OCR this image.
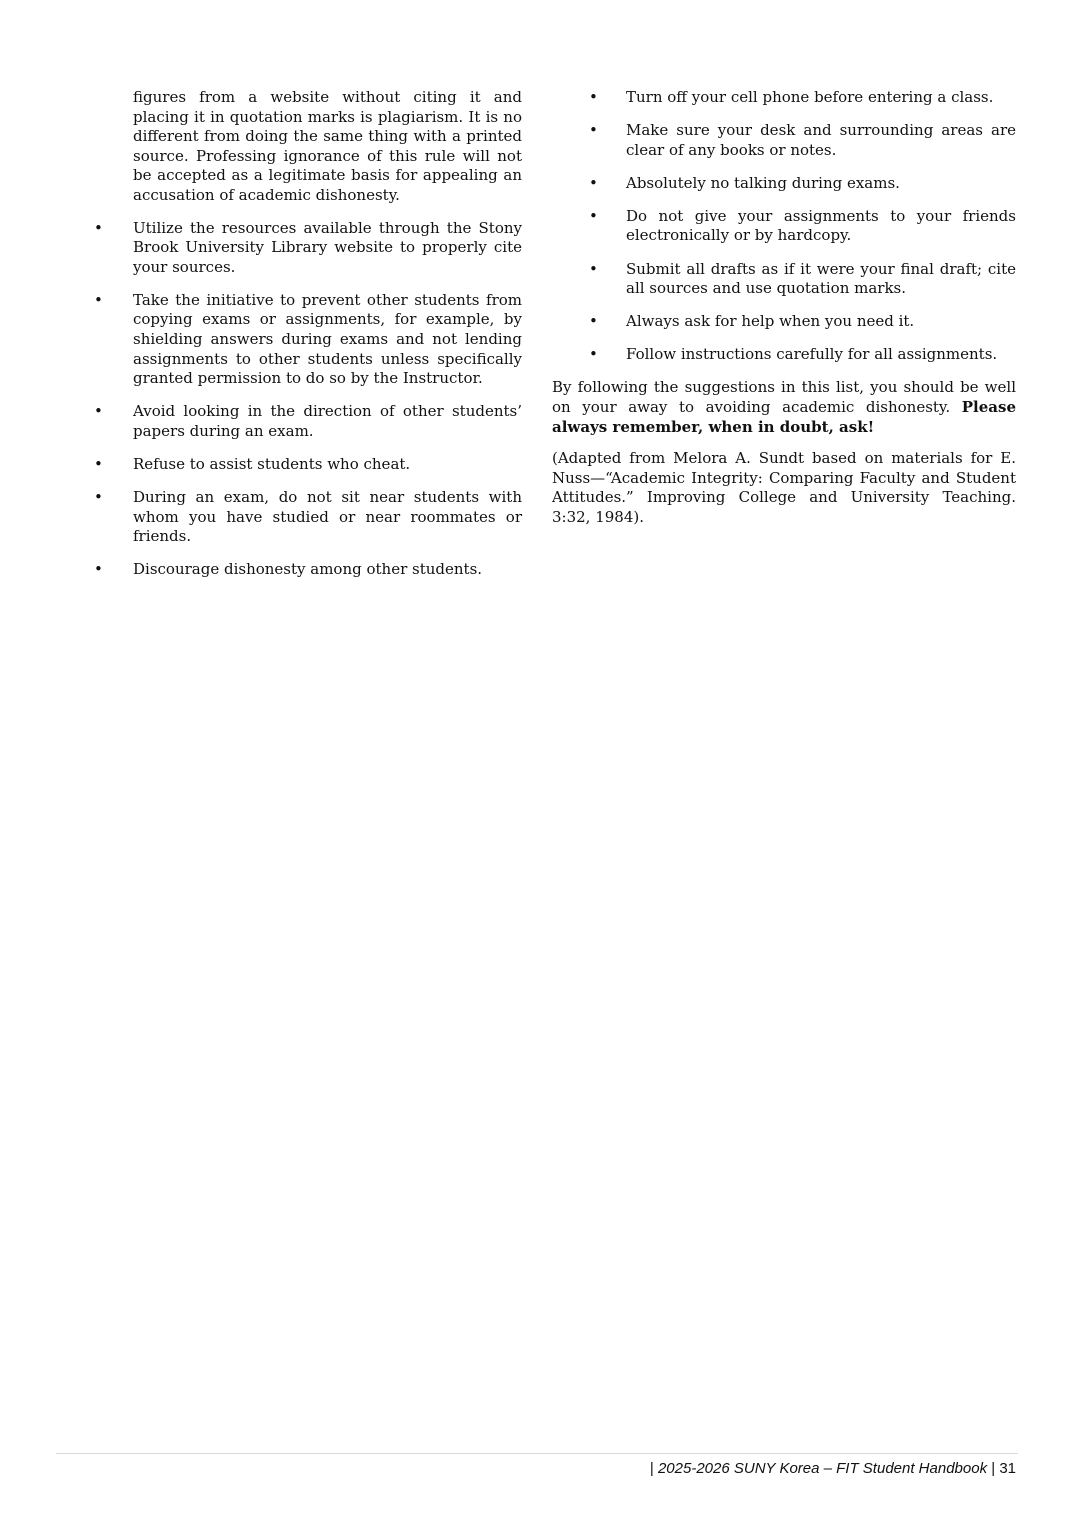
figures from a website without citing it and placing it in quotation marks is plagiarism. It is no different from doing the same thing with a printed source. Professing ignorance of this rule will not be accepted as a legitimate basis for appealing an accusation of academic dishonesty.

• Utilize the resources available through the Stony Brook University Library website to properly cite your sources.
• Take the initiative to prevent other students from copying exams or assignments, for example, by shielding answers during exams and not lending assignments to other students unless specifically granted permission to do so by the Instructor.
• Avoid looking in the direction of other students’ papers during an exam.
• Refuse to assist students who cheat.
• During an exam, do not sit near students with whom you have studied or near roommates or friends.
• Discourage dishonesty among other students.
• Turn off your cell phone before entering a class.
• Make sure your desk and surrounding areas are clear of any books or notes.
• Absolutely no talking during exams.
• Do not give your assignments to your friends electronically or by hardcopy.
• Submit all drafts as if it were your final draft; cite all sources and use quotation marks.
• Always ask for help when you need it.
• Follow instructions carefully for all assignments.

By following the suggestions in this list, you should be well on your away to avoiding academic dishonesty. Please always remember, when in doubt, ask!

(Adapted from Melora A. Sundt based on materials for E. Nuss—“Academic Integrity: Comparing Faculty and Student Attitudes.” Improving College and University Teaching. 3:32, 1984).

| 2025-2026 SUNY Korea – FIT Student Handbook | 31
